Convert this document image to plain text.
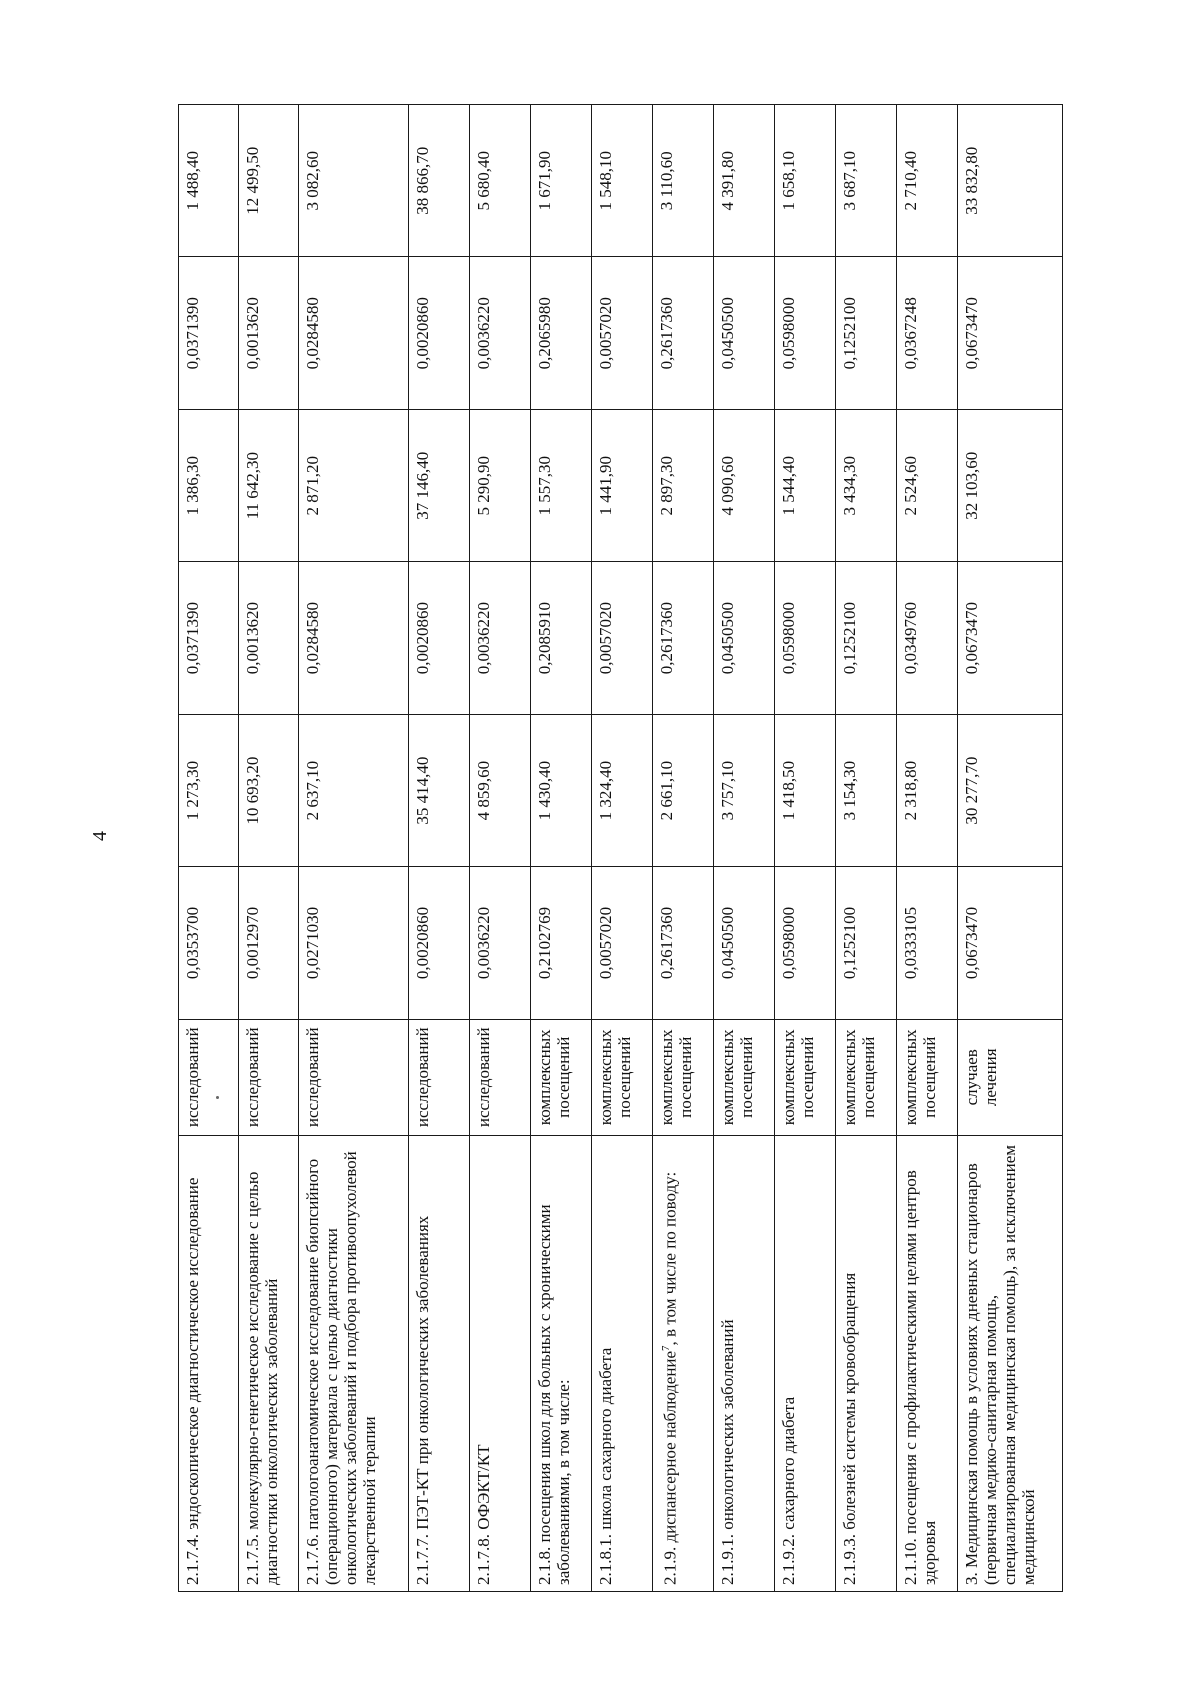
4
2.1.7.4. эндоскопическое диагностическое исследование	исследований	0,0353700	1 273,30	0,0371390	1 386,30	0,0371390	1 488,40
2.1.7.5. молекулярно-генетическое исследование с целью диагностики онкологических заболеваний	исследований	0,0012970	10 693,20	0,0013620	11 642,30	0,0013620	12 499,50
2.1.7.6. патологоанатомическое исследование биопсийного (операционного) материала с целью диагностики онкологических заболеваний и подбора противоопухолевой лекарственной терапии	исследований	0,0271030	2 637,10	0,0284580	2 871,20	0,0284580	3 082,60
2.1.7.7. ПЭТ-КТ при онкологических заболеваниях	исследований	0,0020860	35 414,40	0,0020860	37 146,40	0,0020860	38 866,70
2.1.7.8. ОФЭКТ/КТ	исследований	0,0036220	4 859,60	0,0036220	5 290,90	0,0036220	5 680,40
2.1.8. посещения школ для больных с хроническими заболеваниями, в том числе:	комплексных посещений	0,2102769	1 430,40	0,2085910	1 557,30	0,2065980	1 671,90
2.1.8.1. школа сахарного диабета	комплексных посещений	0,0057020	1 324,40	0,0057020	1 441,90	0,0057020	1 548,10
2.1.9. диспансерное наблюдение$^7$, в том числе по поводу:	комплексных посещений	0,2617360	2 661,10	0,2617360	2 897,30	0,2617360	3 110,60
2.1.9.1. онкологических заболеваний	комплексных посещений	0,0450500	3 757,10	0,0450500	4 090,60	0,0450500	4 391,80
2.1.9.2. сахарного диабета	комплексных посещений	0,0598000	1 418,50	0,0598000	1 544,40	0,0598000	1 658,10
2.1.9.3. болезней системы кровообращения	комплексных посещений	0,1252100	3 154,30	0,1252100	3 434,30	0,1252100	3 687,10
2.1.10. посещения с профилактическими целями центров здоровья	комплексных посещений	0,0333105	2 318,80	0,0349760	2 524,60	0,0367248	2 710,40
3. Медицинская помощь в условиях дневных стационаров (первичная медико-санитарная помощь, специализированная медицинская помощь), за исключением медицинской	случаев лечения	0,0673470	30 277,70	0,0673470	32 103,60	0,0673470	33 832,80
